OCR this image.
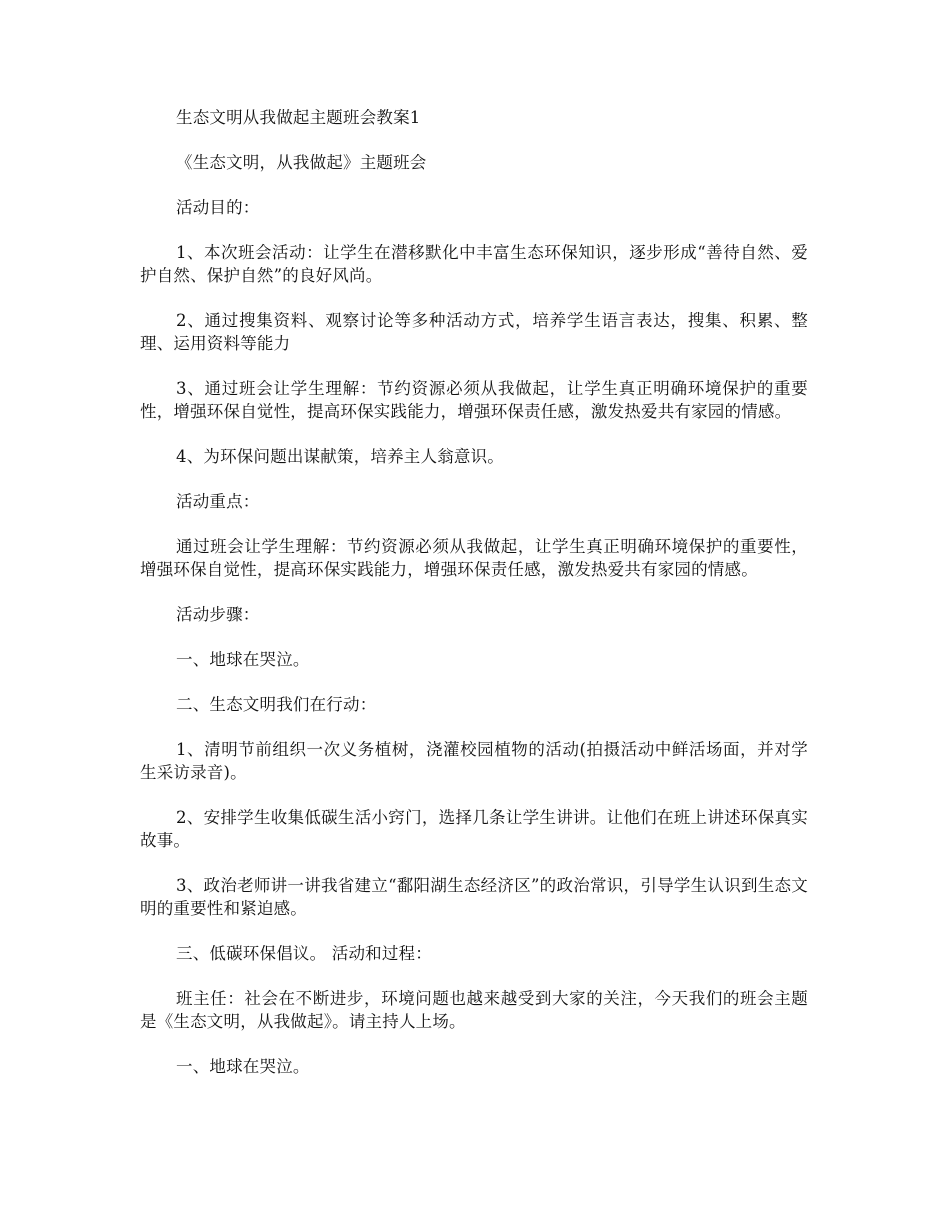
生态文明从我做起主题班会教案1

《生态文明，从我做起》主题班会

活动目的：

1、本次班会活动：让学生在潜移默化中丰富生态环保知识，逐步形成“善待自然、爱护自然、保护自然”的良好风尚。

2、通过搜集资料、观察讨论等多种活动方式，培养学生语言表达，搜集、积累、整理、运用资料等能力

3、通过班会让学生理解：节约资源必须从我做起，让学生真正明确环境保护的重要性，增强环保自觉性，提高环保实践能力，增强环保责任感，激发热爱共有家园的情感。

4、为环保问题出谋献策，培养主人翁意识。

活动重点：

通过班会让学生理解：节约资源必须从我做起，让学生真正明确环境保护的重要性，增强环保自觉性，提高环保实践能力，增强环保责任感，激发热爱共有家园的情感。

活动步骤：

一、地球在哭泣。

二、生态文明我们在行动：

1、清明节前组织一次义务植树，浇灌校园植物的活动(拍摄活动中鲜活场面，并对学生采访录音)。

2、安排学生收集低碳生活小窍门，选择几条让学生讲讲。让他们在班上讲述环保真实故事。

3、政治老师讲一讲我省建立“鄱阳湖生态经济区”的政治常识，引导学生认识到生态文明的重要性和紧迫感。

三、低碳环保倡议。 活动和过程：

班主任：社会在不断进步，环境问题也越来越受到大家的关注，今天我们的班会主题是《生态文明，从我做起》。请主持人上场。

一、地球在哭泣。
